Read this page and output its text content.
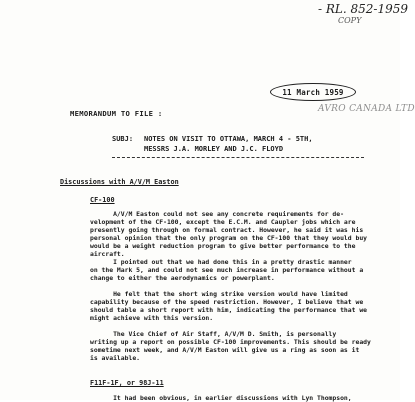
- RL. 852-1959
COPY
11 March 1959
AVRO CANADA LTD
MEMORANDUM TO FILE :
SUBJ: NOTES ON VISIT TO OTTAWA, MARCH 4 - 5TH,
MESSRS J.A. MORLEY AND J.C. FLOYD
Discussions with A/V/M Easton
CF-100
A/V/M Easton could not see any concrete requirements for de-
velopment of the CF-100, except the E.C.M. and Caupler jobs which are
presently going through on formal contract. However, he said it was his
personal opinion that the only program on the CF-100 that they would buy
would be a weight reduction program to give better performance to the
aircraft.
I pointed out that we had done this in a pretty drastic manner
on the Mark 5, and could not see much increase in performance without a
change to either the aerodynamics or powerplant.
He felt that the short wing strike version would have limited
capability because of the speed restriction. However, I believe that we
should table a short report with him, indicating the performance that we
might achieve with this version.
The Vice Chief of Air Staff, A/V/M D. Smith, is personally
writing up a report on possible CF-100 improvements. This should be ready
sometime next week, and A/V/M Easton will give us a ring as soon as it
is available.
F11F-1F, or 98J-11
It had been obvious, in earlier discussions with Lyn Thompson,
